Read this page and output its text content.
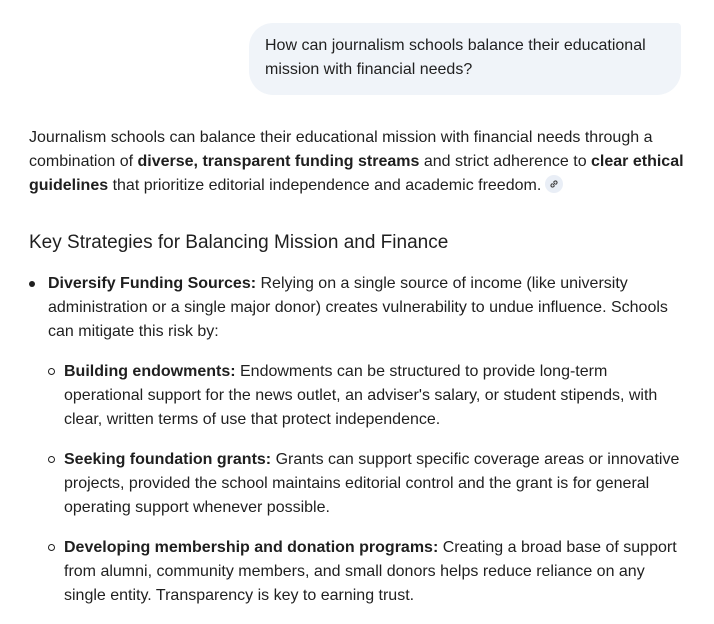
How can journalism schools balance their educational mission with financial needs?

Journalism schools can balance their educational mission with financial needs through a combination of diverse, transparent funding streams and strict adherence to clear ethical guidelines that prioritize editorial independence and academic freedom.

Key Strategies for Balancing Mission and Finance
Diversify Funding Sources: Relying on a single source of income (like university administration or a single major donor) creates vulnerability to undue influence. Schools can mitigate this risk by:
Building endowments: Endowments can be structured to provide long-term operational support for the news outlet, an adviser's salary, or student stipends, with clear, written terms of use that protect independence.
Seeking foundation grants: Grants can support specific coverage areas or innovative projects, provided the school maintains editorial control and the grant is for general operating support whenever possible.
Developing membership and donation programs: Creating a broad base of support from alumni, community members, and small donors helps reduce reliance on any single entity. Transparency is key to earning trust.
